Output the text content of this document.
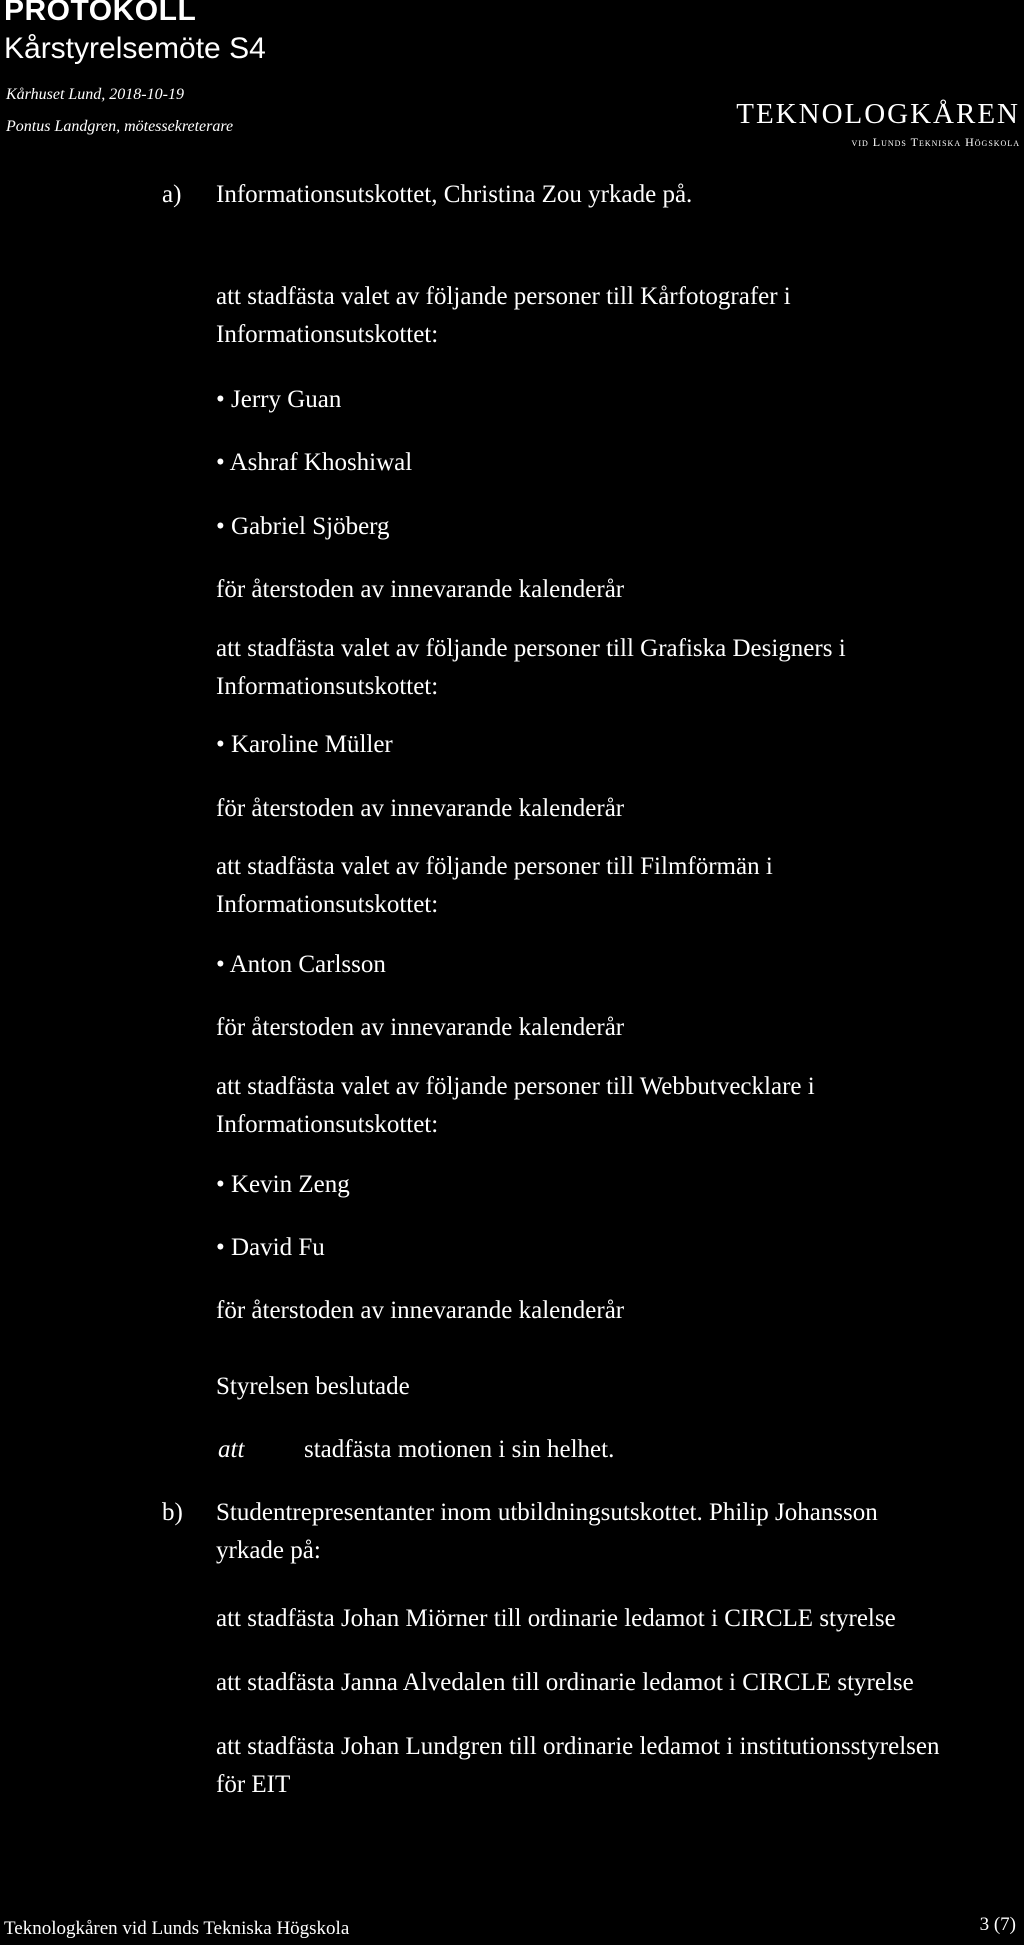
PROTOKOLL
Kårstyrelsemöte S4
Kårhuset Lund, 2018-10-19
Pontus Landgren, mötessekreterare	TEKNOLOGKÅREN
vid Lunds Tekniska Högskola
a) Informationsutskottet, Christina Zou yrkade på.
att stadfästa valet av följande personer till Kårfotografer i
Informationsutskottet:
• Jerry Guan
• Ashraf Khoshiwal
• Gabriel Sjöberg
för återstoden av innevarande kalenderår
att stadfästa valet av följande personer till Grafiska Designers i
Informationsutskottet:
• Karoline Müller
för återstoden av innevarande kalenderår
att stadfästa valet av följande personer till Filmförmän i
Informationsutskottet:
• Anton Carlsson
för återstoden av innevarande kalenderår
att stadfästa valet av följande personer till Webbutvecklare i
Informationsutskottet:
• Kevin Zeng
• David Fu
för återstoden av innevarande kalenderår
Styrelsen beslutade
att stadfästa motionen i sin helhet.
b) Studentrepresentanter inom utbildningsutskottet. Philip Johansson
yrkade på:
att stadfästa Johan Miörner till ordinarie ledamot i CIRCLE styrelse
att stadfästa Janna Alvedalen till ordinarie ledamot i CIRCLE styrelse
att stadfästa Johan Lundgren till ordinarie ledamot i institutionsstyrelsen
för EIT
Teknologkåren vid Lunds Tekniska Högskola	3 (7)
